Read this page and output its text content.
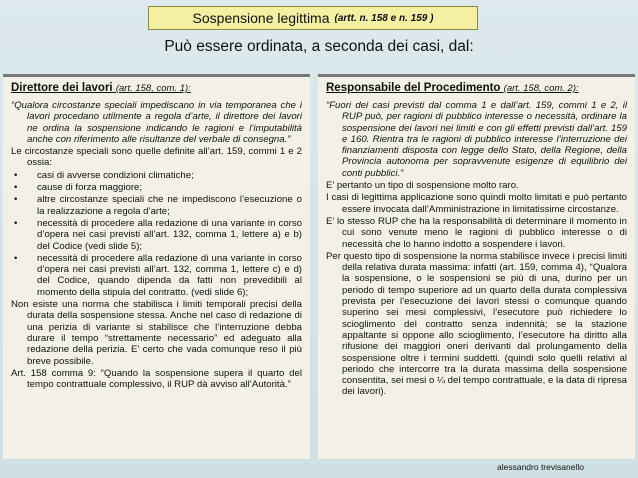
Sospensione legittima (artt. n. 158 e n. 159 )
Può essere ordinata, a seconda dei casi, dal:
Direttore dei lavori (art. 158, com. 1):

“Qualora circostanze speciali impediscano in via temporanea che i lavori procedano utilmente a regola d’arte, il direttore dei lavori ne ordina la sospensione indicando le ragioni e l’imputabilità anche con riferimento alle risultanze del verbale di consegna.”

Le circostanze speciali sono quelle definite all’art. 159, commi 1 e 2 ossia:

• casi di avverse condizioni climatiche;

• cause di forza maggiore;

• altre circostanze speciali che ne impediscono l’esecuzione o la realizzazione a regola d’arte;

• necessità di procedere alla redazione di una variante in corso d’opera nei casi previsti all’art. 132, comma 1, lettere a) e b) del Codice (vedi slide 5);

• necessità di procedere alla redazione di una variante in corso d’opera nei casi previsti all’art. 132, comma 1, lettere c) e d) del Codice, quando dipenda da fatti non prevedibili al momento della stipula del contratto. (vedi slide 6);

Non esiste una norma che stabilisca i limiti temporali precisi della durata della sospensione stessa. Anche nel caso di redazione di una perizia di variante si stabilisce che l’interruzione debba durare il tempo “strettamente necessario” ed adeguato alla redazione della perizia. E’ certo che vada comunque reso il più breve possibile.

Art. 158 comma 9: “Quando la sospensione supera il quarto del tempo contrattuale complessivo, il RUP dà avviso all’Autorità.”

Responsabile del Procedimento (art. 158, com. 2):

“Fuori dei casi previsti dal comma 1 e dall’art. 159, commi 1 e 2, il RUP può, per ragioni di pubblico interesse o necessità, ordinare la sospensione dei lavori nei limiti e con gli effetti previsti dall’art. 159 e 160. Rientra tra le ragioni di pubblico interesse l’interruzione dei finanziamenti disposta con legge dello Stato, della Regione, della Provincia autonoma per sopravvenute esigenze di equilibrio dei conti pubblici.”

E’ pertanto un tipo di sospensione molto raro.

I casi di legittima applicazione sono quindi molto limitati e può pertanto essere invocata dall’Amministrazione in limitatissime circostanze.

E’ lo stesso RUP che ha la responsabilità di determinare il momento in cui sono venute meno le ragioni di pubblico interesse o di necessità che lo hanno indotto a sospendere i lavori.

Per questo tipo di sospensione la norma stabilisce invece i precisi limiti della relativa durata massima: infatti (art. 159, comma 4), “Qualora la sospensione, o le sospensioni se più di una, durino per un periodo di tempo superiore ad un quarto della durata complessiva prevista per l’esecuzione dei lavori stessi o comunque quando superino sei mesi complessivi, l’esecutore può richiedere lo scioglimento del contratto senza indennità; se la stazione appaltante si oppone allo scioglimento, l’esecutore ha diritto alla rifusione dei maggiori oneri derivanti dal prolungamento della sospensione oltre i termini suddetti. (quindi solo quelli relativi al periodo che intercorre tra la durata massima della sospensione consentita, sei mesi o ¼ del tempo contrattuale, e la data di ripresa dei lavori).

alessandro trevisanello
